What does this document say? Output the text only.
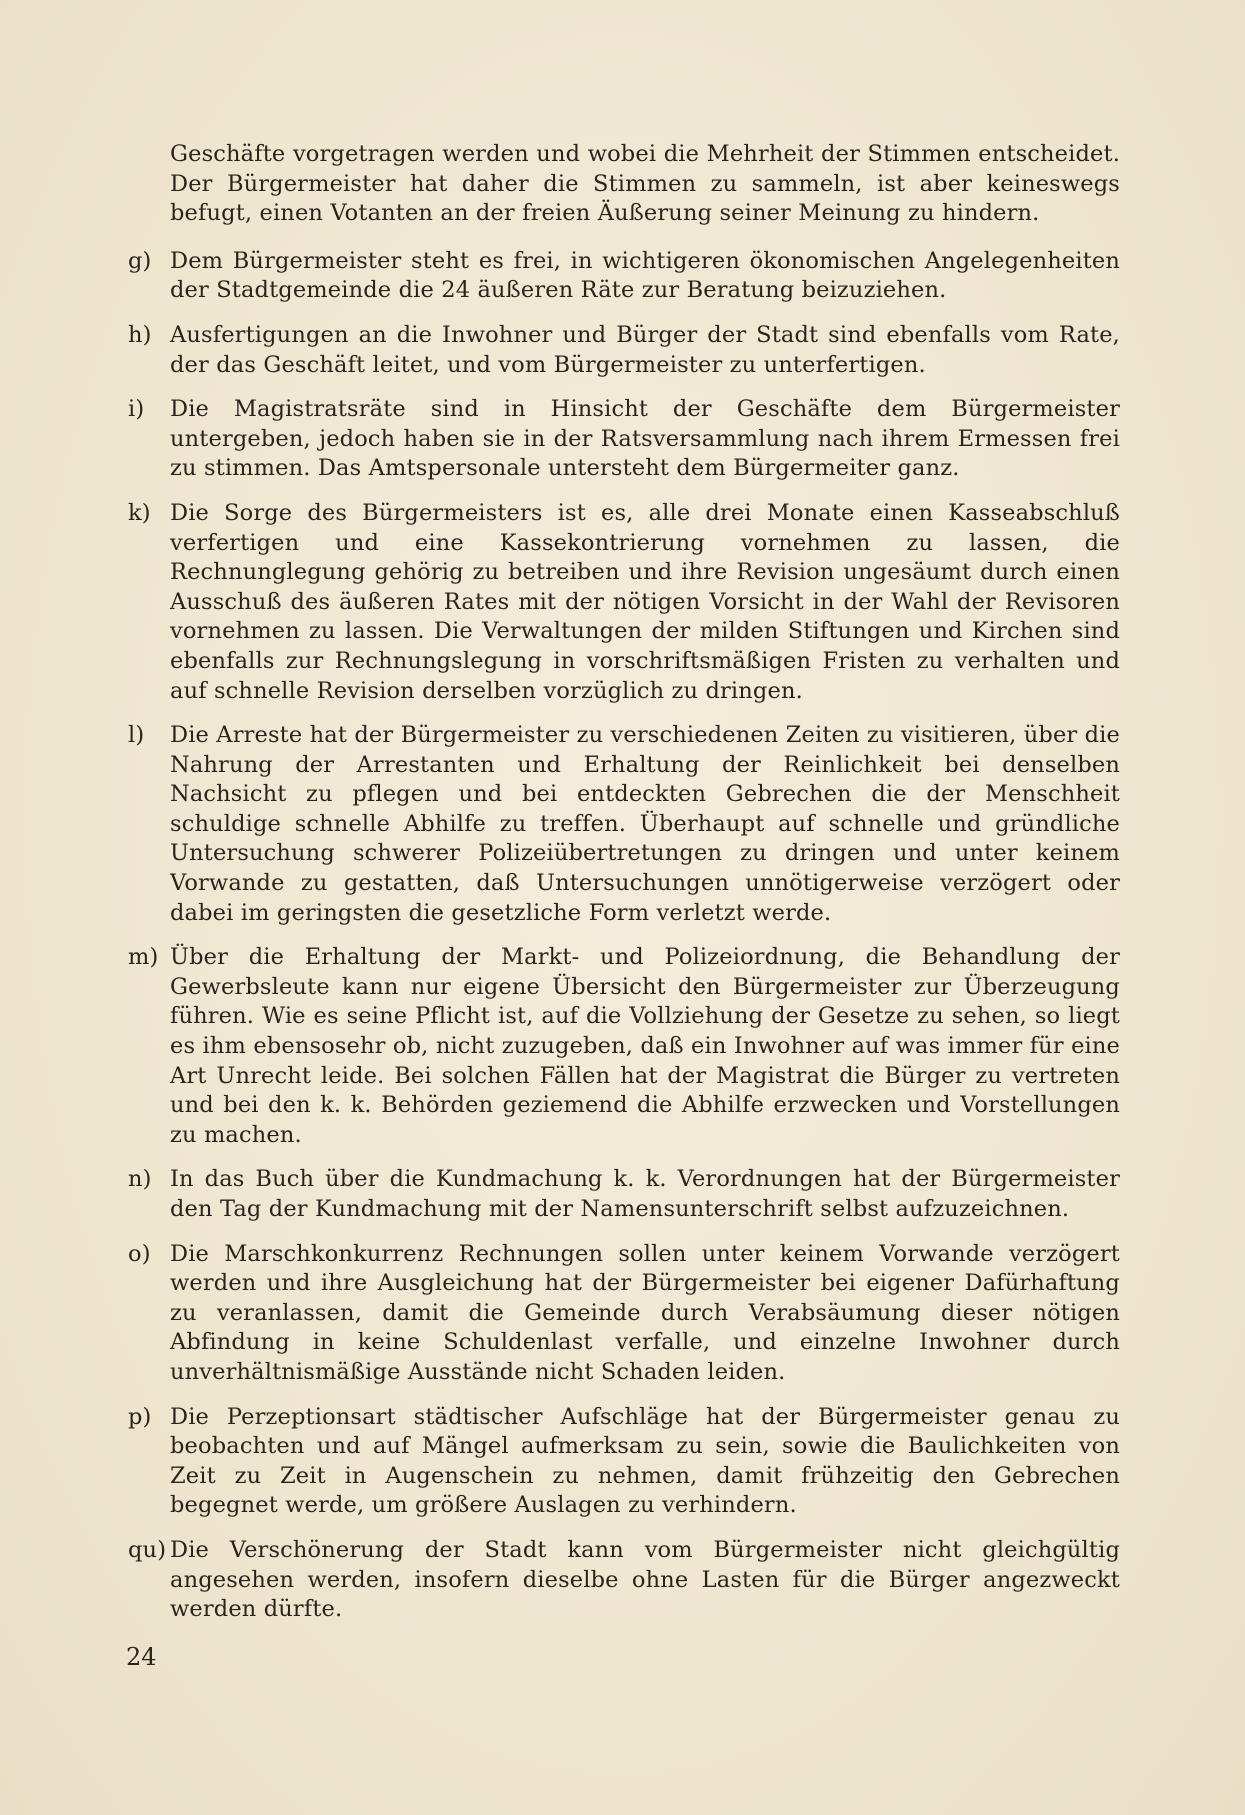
Geschäfte vorgetragen werden und wobei die Mehrheit der Stimmen entscheidet. Der Bürgermeister hat daher die Stimmen zu sammeln, ist aber keineswegs befugt, einen Votanten an der freien Äußerung seiner Meinung zu hindern.
g) Dem Bürgermeister steht es frei, in wichtigeren ökonomischen Angelegenheiten der Stadtgemeinde die 24 äußeren Räte zur Beratung beizuziehen.
h) Ausfertigungen an die Inwohner und Bürger der Stadt sind ebenfalls vom Rate, der das Geschäft leitet, und vom Bürgermeister zu unterfertigen.
i) Die Magistratsräte sind in Hinsicht der Geschäfte dem Bürgermeister untergeben, jedoch haben sie in der Ratsversammlung nach ihrem Ermessen frei zu stimmen. Das Amtspersonale untersteht dem Bürgermeiter ganz.
k) Die Sorge des Bürgermeisters ist es, alle drei Monate einen Kasseabschluß verfertigen und eine Kassekontrierung vornehmen zu lassen, die Rechnunglegung gehörig zu betreiben und ihre Revision ungesäumt durch einen Ausschuß des äußeren Rates mit der nötigen Vorsicht in der Wahl der Revisoren vornehmen zu lassen. Die Verwaltungen der milden Stiftungen und Kirchen sind ebenfalls zur Rechnungslegung in vorschriftsmäßigen Fristen zu verhalten und auf schnelle Revision derselben vorzüglich zu dringen.
l) Die Arreste hat der Bürgermeister zu verschiedenen Zeiten zu visitieren, über die Nahrung der Arrestanten und Erhaltung der Reinlichkeit bei denselben Nachsicht zu pflegen und bei entdeckten Gebrechen die der Menschheit schuldige schnelle Abhilfe zu treffen. Überhaupt auf schnelle und gründliche Untersuchung schwerer Polizeiübertretungen zu dringen und unter keinem Vorwande zu gestatten, daß Untersuchungen unnötigerweise verzögert oder dabei im geringsten die gesetzliche Form verletzt werde.
m) Über die Erhaltung der Markt- und Polizeiordnung, die Behandlung der Gewerbsleute kann nur eigene Übersicht den Bürgermeister zur Überzeugung führen. Wie es seine Pflicht ist, auf die Vollziehung der Gesetze zu sehen, so liegt es ihm ebensosehr ob, nicht zuzugeben, daß ein Inwohner auf was immer für eine Art Unrecht leide. Bei solchen Fällen hat der Magistrat die Bürger zu vertreten und bei den k. k. Behörden geziemend die Abhilfe erzwecken und Vorstellungen zu machen.
n) In das Buch über die Kundmachung k. k. Verordnungen hat der Bürgermeister den Tag der Kundmachung mit der Namensunterschrift selbst aufzuzeichnen.
o) Die Marschkonkurrenz Rechnungen sollen unter keinem Vorwande verzögert werden und ihre Ausgleichung hat der Bürgermeister bei eigener Dafürhaftung zu veranlassen, damit die Gemeinde durch Verabsäumung dieser nötigen Abfindung in keine Schuldenlast verfalle, und einzelne Inwohner durch unverhältnismäßige Ausstände nicht Schaden leiden.
p) Die Perzeptionsart städtischer Aufschläge hat der Bürgermeister genau zu beobachten und auf Mängel aufmerksam zu sein, sowie die Baulichkeiten von Zeit zu Zeit in Augenschein zu nehmen, damit frühzeitig den Gebrechen begegnet werde, um größere Auslagen zu verhindern.
qu) Die Verschönerung der Stadt kann vom Bürgermeister nicht gleichgültig angesehen werden, insofern dieselbe ohne Lasten für die Bürger angezweckt werden dürfte.
24
